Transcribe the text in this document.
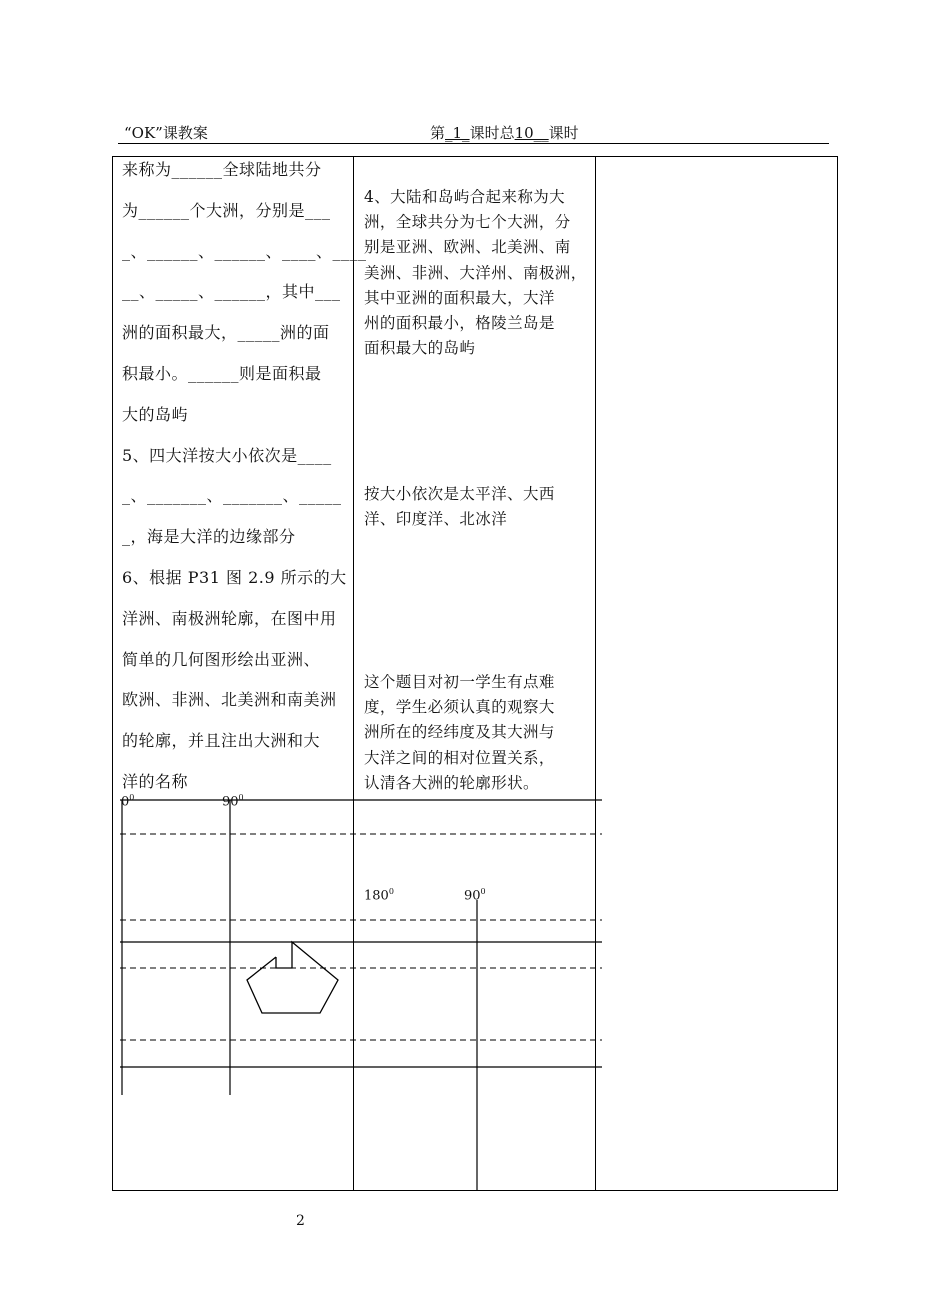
“OK”课教案	第_1_课时总10__课时
来称为______全球陆地共分
为______个大洲，分别是___
_、______、______、____、____
__、_____、______，其中___
洲的面积最大，_____洲的面
积最小。______则是面积最
大的岛屿
5、四大洋按大小依次是____
_、_______、_______、_____
_，海是大洋的边缘部分
6、根据 P31 图 2.9 所示的大
洋洲、南极洲轮廓，在图中用
简单的几何图形绘出亚洲、
欧洲、非洲、北美洲和南美洲
的轮廓，并且注出大洲和大
洋的名称
4、大陆和岛屿合起来称为大
洲，全球共分为七个大洲，分
别是亚洲、欧洲、北美洲、南
美洲、非洲、大洋州、南极洲，
其中亚洲的面积最大，大洋
州的面积最小，格陵兰岛是
面积最大的岛屿
按大小依次是太平洋、大西
洋、印度洋、北冰洋
这个题目对初一学生有点难
度，学生必须认真的观察大
洲所在的经纬度及其大洲与
大洋之间的相对位置关系，
认清各大洲的轮廓形状。
$0^0$	$90^0$
$180^0$	$90^0$
2
